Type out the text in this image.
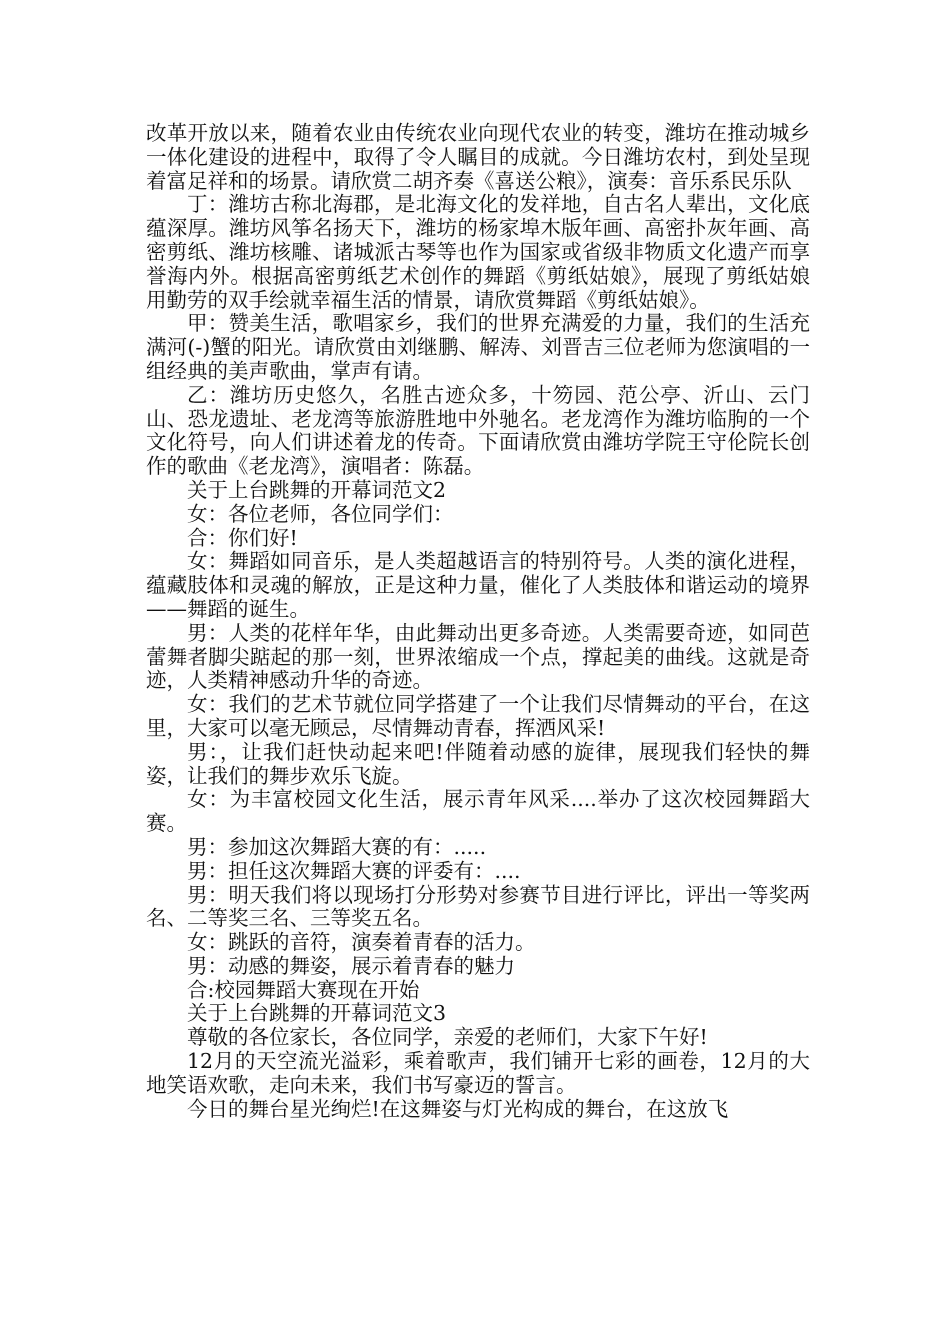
改革开放以来，随着农业由传统农业向现代农业的转变，潍坊在推动城乡一体化建设的进程中，取得了令人瞩目的成就。今日潍坊农村，到处呈现着富足祥和的场景。请欣赏二胡齐奏《喜送公粮》，演奏：音乐系民乐队

丁：潍坊古称北海郡，是北海文化的发祥地，自古名人辈出，文化底蕴深厚。潍坊风筝名扬天下，潍坊的杨家埠木版年画、高密扑灰年画、高密剪纸、潍坊核雕、诸城派古琴等也作为国家或省级非物质文化遗产而享誉海内外。根据高密剪纸艺术创作的舞蹈《剪纸姑娘》，展现了剪纸姑娘用勤劳的双手绘就幸福生活的情景，请欣赏舞蹈《剪纸姑娘》。

甲：赞美生活，歌唱家乡，我们的世界充满爱的力量，我们的生活充满河(-)蟹的阳光。请欣赏由刘继鹏、解涛、刘晋吉三位老师为您演唱的一组经典的美声歌曲，掌声有请。

乙：潍坊历史悠久，名胜古迹众多，十笏园、范公亭、沂山、云门山、恐龙遗址、老龙湾等旅游胜地中外驰名。老龙湾作为潍坊临朐的一个文化符号，向人们讲述着龙的传奇。下面请欣赏由潍坊学院王守伦院长创作的歌曲《老龙湾》，演唱者：陈磊。

关于上台跳舞的开幕词范文2

女：各位老师，各位同学们：

合：你们好!

女：舞蹈如同音乐，是人类超越语言的特别符号。人类的演化进程，蕴藏肢体和灵魂的解放，正是这种力量，催化了人类肢体和谐运动的境界——舞蹈的诞生。

男：人类的花样年华，由此舞动出更多奇迹。人类需要奇迹，如同芭蕾舞者脚尖踮起的那一刻，世界浓缩成一个点，撑起美的曲线。这就是奇迹，人类精神感动升华的奇迹。

女：我们的艺术节就位同学搭建了一个让我们尽情舞动的平台，在这里，大家可以毫无顾忌，尽情舞动青春，挥洒风采!

男：，让我们赶快动起来吧!伴随着动感的旋律，展现我们轻快的舞姿，让我们的舞步欢乐飞旋。

女：为丰富校园文化生活，展示青年风采....举办了这次校园舞蹈大赛。

男：参加这次舞蹈大赛的有：.....

男：担任这次舞蹈大赛的评委有：....

男：明天我们将以现场打分形势对参赛节目进行评比，评出一等奖两名、二等奖三名、三等奖五名。

女：跳跃的音符，演奏着青春的活力。

男：动感的舞姿，展示着青春的魅力

合:校园舞蹈大赛现在开始

关于上台跳舞的开幕词范文3

尊敬的各位家长，各位同学，亲爱的老师们，大家下午好!

12月的天空流光溢彩，乘着歌声，我们铺开七彩的画卷，12月的大地笑语欢歌，走向未来，我们书写豪迈的誓言。

今日的舞台星光绚烂!在这舞姿与灯光构成的舞台，在这放飞
